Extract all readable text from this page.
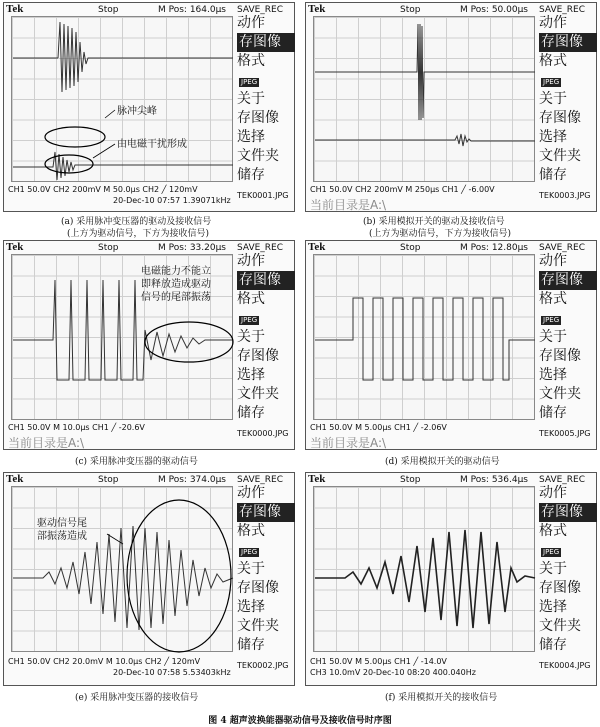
Tek	Stop	M Pos: 164.0μs SAVE_REC
脉冲尖峰
由电磁干扰形成
动作
存图像
格式
JPEG
关于
存图像
选择
文件夹
储存
TEK0001.JPG
CH1 50.0V CH2 200mV M 50.0μs CH2 ╱ 120mV
20-Dec-10 07:57 1.39071kHz
(a) 采用脉冲变压器的驱动及接收信号
(上方为驱动信号，下方为接收信号)
Tek	Stop	M Pos: 50.00μs SAVE_REC
动作
存图像
格式
JPEG
关于
存图像
选择
文件夹
储存
TEK0003.JPG
CH1 50.0V CH2 200mV M 250μs CH1 ╱ -6.00V
当前目录是A:\
(b) 采用模拟开关的驱动及接收信号
(上方为驱动信号，下方为接收信号)
Tek	Stop	M Pos: 33.20μs SAVE_REC
电磁能力不能立
即释放造成驱动
信号的尾部振荡
动作
存图像
格式
JPEG
关于
存图像
选择
文件夹
储存
TEK0000.JPG
CH1 50.0V M 10.0μs CH1 ╱ -20.6V
当前目录是A:\
(c) 采用脉冲变压器的驱动信号
Tek	Stop	M Pos: 12.80μs SAVE_REC
动作
存图像
格式
JPEG
关于
存图像
选择
文件夹
储存
TEK0005.JPG
CH1 50.0V M 5.00μs CH1 ╱ -2.06V
当前目录是A:\
(d) 采用模拟开关的驱动信号
Tek	Stop	M Pos: 374.0μs SAVE_REC
驱动信号尾
部振荡造成
动作
存图像
格式
JPEG
关于
存图像
选择
文件夹
储存
TEK0002.JPG
CH1 50.0V CH2 20.0mV M 10.0μs CH2 ╱ 120mV
20-Dec-10 07:58 5.53403kHz
(e) 采用脉冲变压器的接收信号
Tek	Stop	M Pos: 536.4μs SAVE_REC
动作
存图像
格式
JPEG
关于
存图像
选择
文件夹
储存
TEK0004.JPG
CH1 50.0V M 5.00μs CH1 ╱ -14.0V
CH3 10.0mV 20-Dec-10 08:20 400.040Hz
(f) 采用模拟开关的接收信号
图 4 超声波换能器驱动信号及接收信号时序图
